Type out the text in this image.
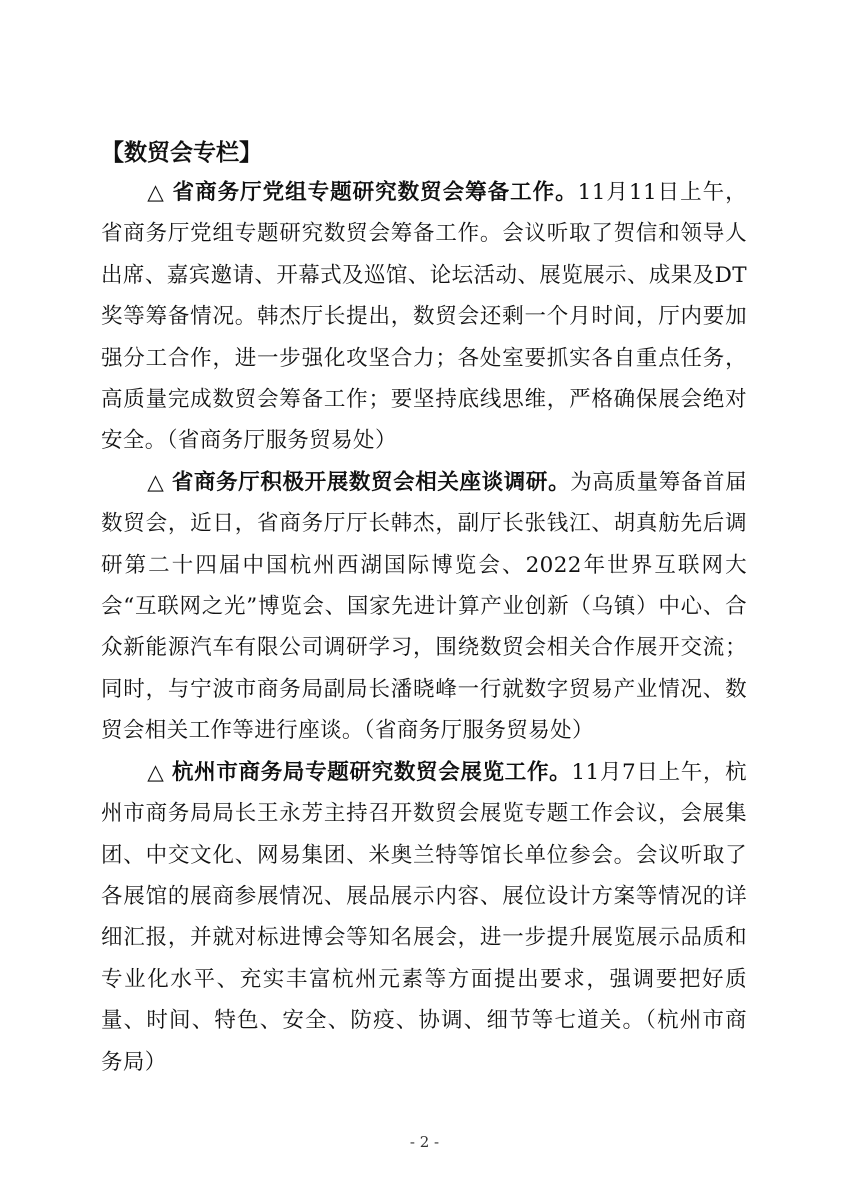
【数贸会专栏】

△ 省商务厅党组专题研究数贸会筹备工作。11月11日上午，省商务厅党组专题研究数贸会筹备工作。会议听取了贺信和领导人出席、嘉宾邀请、开幕式及巡馆、论坛活动、展览展示、成果及DT奖等筹备情况。韩杰厅长提出，数贸会还剩一个月时间，厅内要加强分工合作，进一步强化攻坚合力；各处室要抓实各自重点任务，高质量完成数贸会筹备工作；要坚持底线思维，严格确保展会绝对安全。（省商务厅服务贸易处）

△ 省商务厅积极开展数贸会相关座谈调研。为高质量筹备首届数贸会，近日，省商务厅厅长韩杰，副厅长张钱江、胡真舫先后调研第二十四届中国杭州西湖国际博览会、2022年世界互联网大会“互联网之光”博览会、国家先进计算产业创新（乌镇）中心、合众新能源汽车有限公司调研学习，围绕数贸会相关合作展开交流；同时，与宁波市商务局副局长潘晓峰一行就数字贸易产业情况、数贸会相关工作等进行座谈。（省商务厅服务贸易处）

△ 杭州市商务局专题研究数贸会展览工作。11月7日上午，杭州市商务局局长王永芳主持召开数贸会展览专题工作会议，会展集团、中交文化、网易集团、米奥兰特等馆长单位参会。会议听取了各展馆的展商参展情况、展品展示内容、展位设计方案等情况的详细汇报，并就对标进博会等知名展会，进一步提升展览展示品质和专业化水平、充实丰富杭州元素等方面提出要求，强调要把好质量、时间、特色、安全、防疫、协调、细节等七道关。（杭州市商务局）

- 2 -
